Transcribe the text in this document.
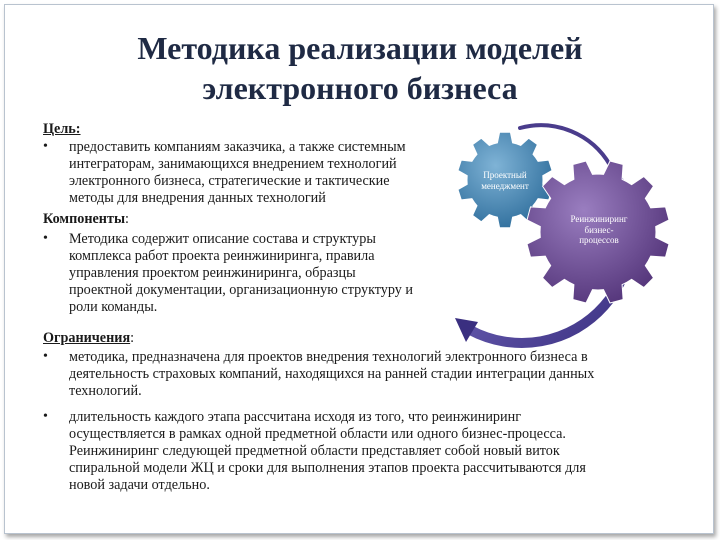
Методика реализации моделей
электронного бизнеса
Проектный
менеджмент
Реинжиниринг
бизнес-
процессов
Цель:
• предоставить компаниям заказчика, а также системным
интеграторам, занимающихся внедрением технологий
электронного бизнеса, стратегические и тактические
методы для внедрения данных технологий
Компоненты:
• Методика содержит описание состава и структуры
комплекса работ проекта реинжиниринга, правила
управления проектом реинжиниринга, образцы
проектной документации, организационную структуру и
роли команды.
Ограничения:
• методика, предназначена для проектов внедрения технологий электронного бизнеса в
деятельность страховых компаний, находящихся на ранней стадии интеграции данных
технологий.
• длительность каждого этапа рассчитана исходя из того, что реинжиниринг
осуществляется в рамках одной предметной области или одного бизнес-процесса.
Реинжиниринг следующей предметной области представляет собой новый виток
спиральной модели ЖЦ и сроки для выполнения этапов проекта рассчитываются для
новой задачи отдельно.
